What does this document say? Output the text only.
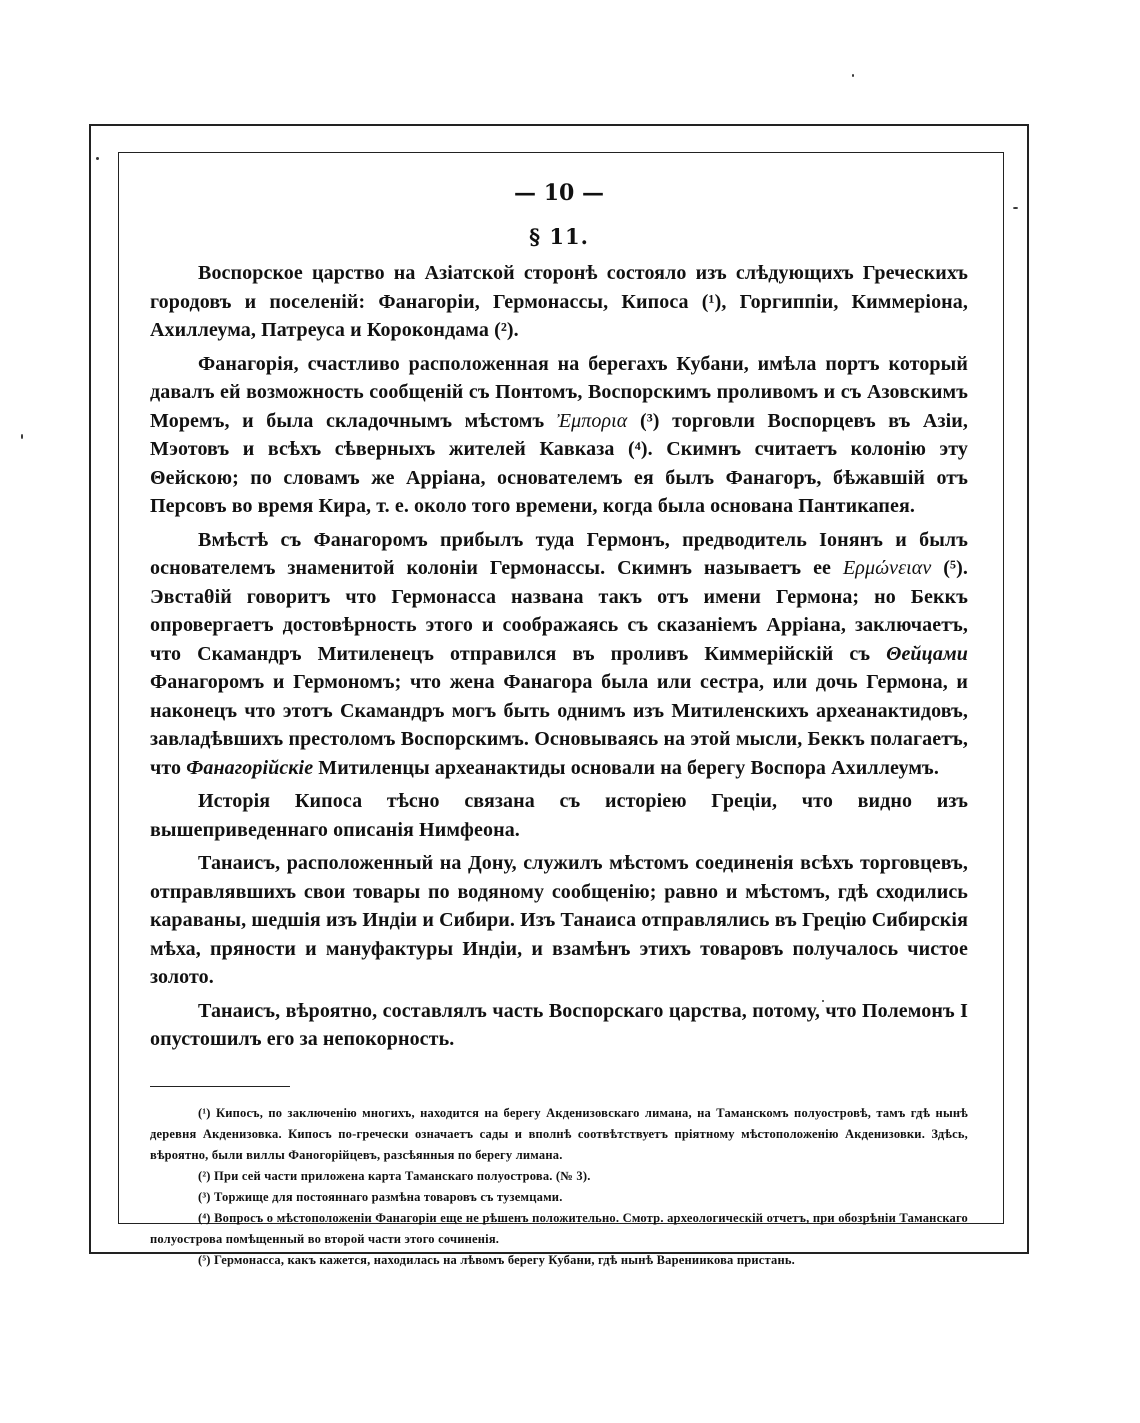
— 10 —
§ 11.

Воспорское царство на Азіатской сторонѣ состояло изъ слѣдующихъ Греческихъ городовъ и поселеній: Фанагоріи, Гермонассы, Кипоса (¹), Горгиппіи, Киммеріона, Ахиллеума, Патреуса и Корокондама (²).

Фанагорія, счастливо расположенная на берегахъ Кубани, имѣла портъ который давалъ ей возможность сообщеній съ Понтомъ, Воспорскимъ проливомъ и съ Азовскимъ Моремъ, и была складочнымъ мѣстомъ Ἐμπορια (³) торговли Воспорцевъ въ Азіи, Мэотовъ и всѣхъ сѣверныхъ жителей Кавказа (⁴). Скимнъ считаетъ колонію эту Θейскою; по словамъ же Арріана, основателемъ ея былъ Фанагоръ, бѣжавшій отъ Персовъ во время Кира, т. е. около того времени, когда была основана Пантикапея.

Вмѣстѣ съ Фанагоромъ прибылъ туда Гермонъ, предводитель Іонянъ и былъ основателемъ знаменитой колоніи Гермонассы. Скимнъ называетъ ее Ερμώνειαν (⁵). Эвстаθій говоритъ что Гермонасса названа такъ отъ имени Гермона; но Беккъ опровергаетъ достовѣрность этого и соображаясь съ сказаніемъ Арріана, заключаетъ, что Скамандръ Митиленецъ отправился въ проливъ Киммерійскій съ Θейцами Фанагоромъ и Гермономъ; что жена Фанагора была или сестра, или дочь Гермона, и наконецъ что этотъ Скамандръ могъ быть однимъ изъ Митиленскихъ археанактидовъ, завладѣвшихъ престоломъ Воспорскимъ. Основываясь на этой мысли, Беккъ полагаетъ, что Фанагорійскіе Митиленцы археанактиды основали на берегу Воспора Ахиллеумъ.

Исторія Кипоса тѣсно связана съ исторіею Греціи, что видно изъ вышеприведеннаго описанія Нимфеона.

Танаисъ, расположенный на Дону, служилъ мѣстомъ соединенія всѣхъ торговцевъ, отправлявшихъ свои товары по водяному сообщенію; равно и мѣстомъ, гдѣ сходились караваны, шедшія изъ Индіи и Сибири. Изъ Танаиса отправлялись въ Грецію Сибирскія мѣха, пряности и мануфактуры Индіи, и взамѣнъ этихъ товаровъ получалось чистое золото.

Танаисъ, вѣроятно, составлялъ часть Воспорскаго царства, потому, что Полемонъ I опустошилъ его за непокорность.

(¹) Кипосъ, по заключенію многихъ, находится на берегу Акденизовскаго лимана, на Таманскомъ полуостровѣ, тамъ гдѣ нынѣ деревня Акденизовка. Кипосъ по-гречески означаетъ сады и вполнѣ соотвѣтствуетъ пріятному мѣстоположенію Акденизовки. Здѣсь, вѣроятно, были виллы Фаногорійцевъ, разсѣянныя по берегу лимана.

(²) При сей части приложена карта Таманскаго полуострова. (№ 3).

(³) Торжище для постояннаго размѣна товаровъ съ туземцами.

(⁴) Вопросъ о мѣстоположеніи Фанагоріи еще не рѣшенъ положительно. Смотр. археологическій отчетъ, при обозрѣніи Таманскаго полуострова помѣщенный во второй части этого сочиненія.

(⁵) Гермонасса, какъ кажется, находилась на лѣвомъ берегу Кубани, гдѣ нынѣ Варениикова пристань.
